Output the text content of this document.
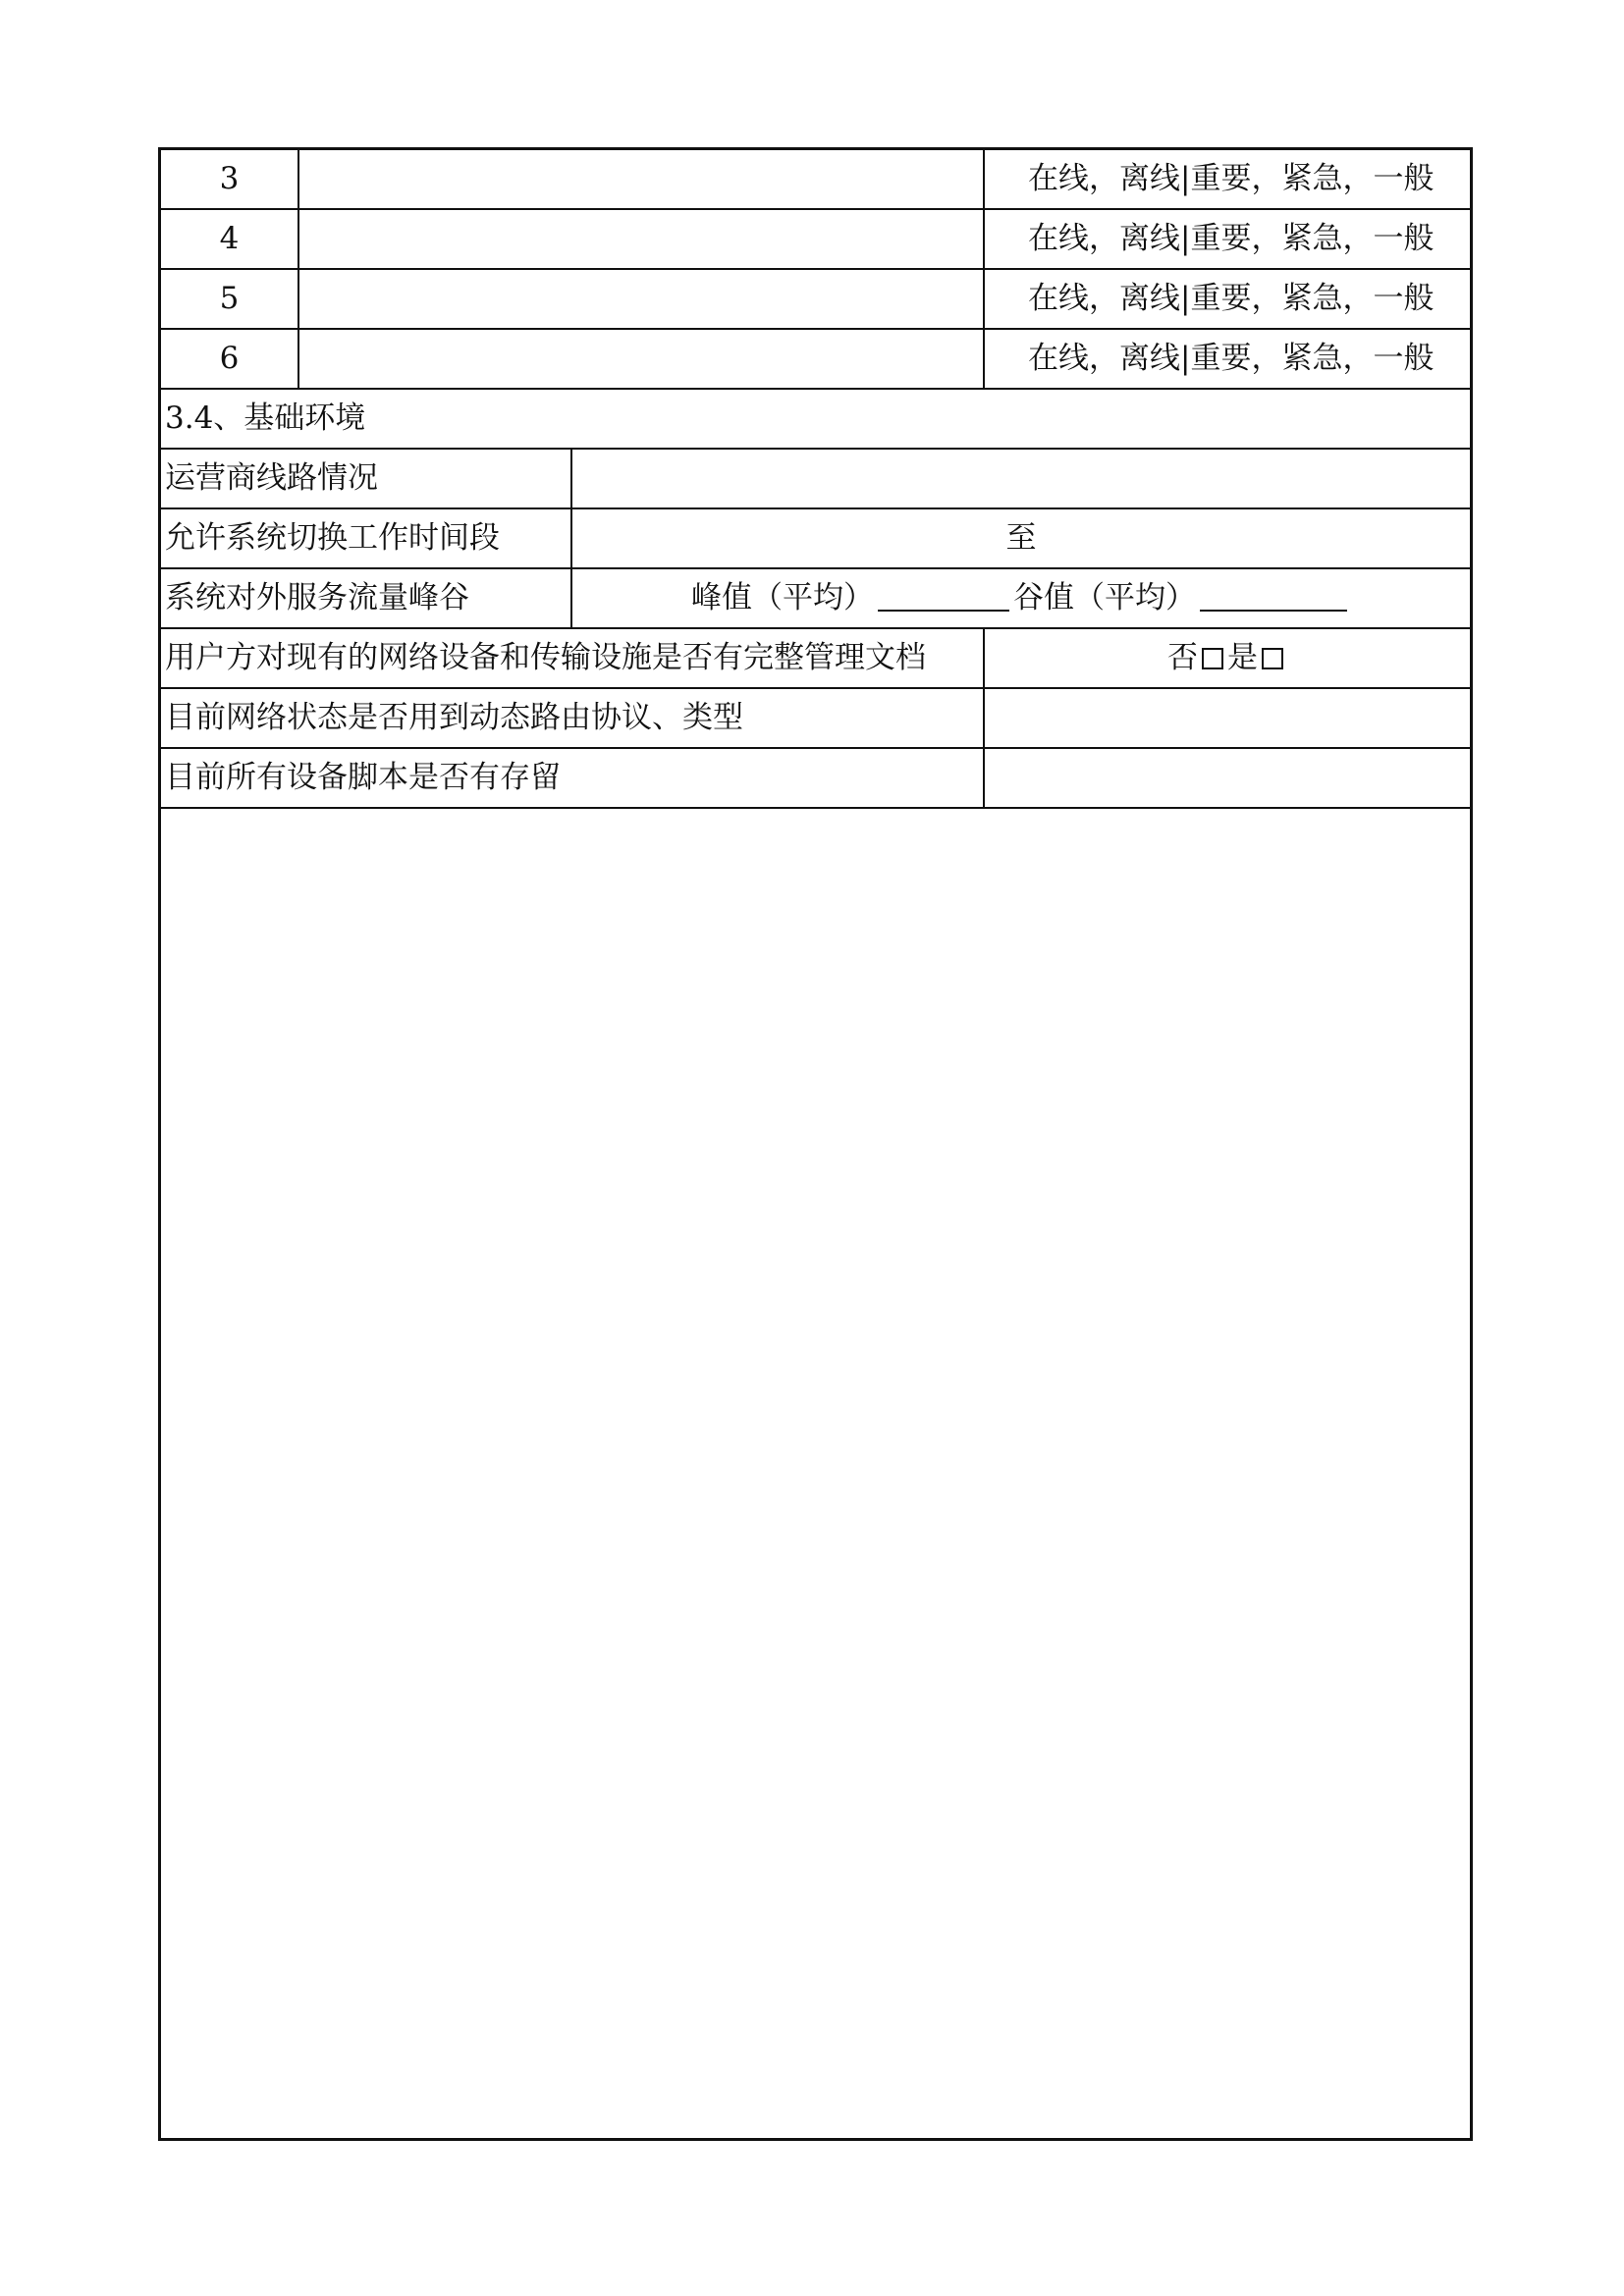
3	在线，离线|重要，紧急，一般
4	在线，离线|重要，紧急，一般
5	在线，离线|重要，紧急，一般
6	在线，离线|重要，紧急，一般
3.4、基础环境
运营商线路情况
允许系统切换工作时间段	至
系统对外服务流量峰谷	峰值（平均）	谷值（平均）
用户方对现有的网络设备和传输设施是否有完整管理文档	否 是
目前网络状态是否用到动态路由协议、类型
目前所有设备脚本是否有存留
